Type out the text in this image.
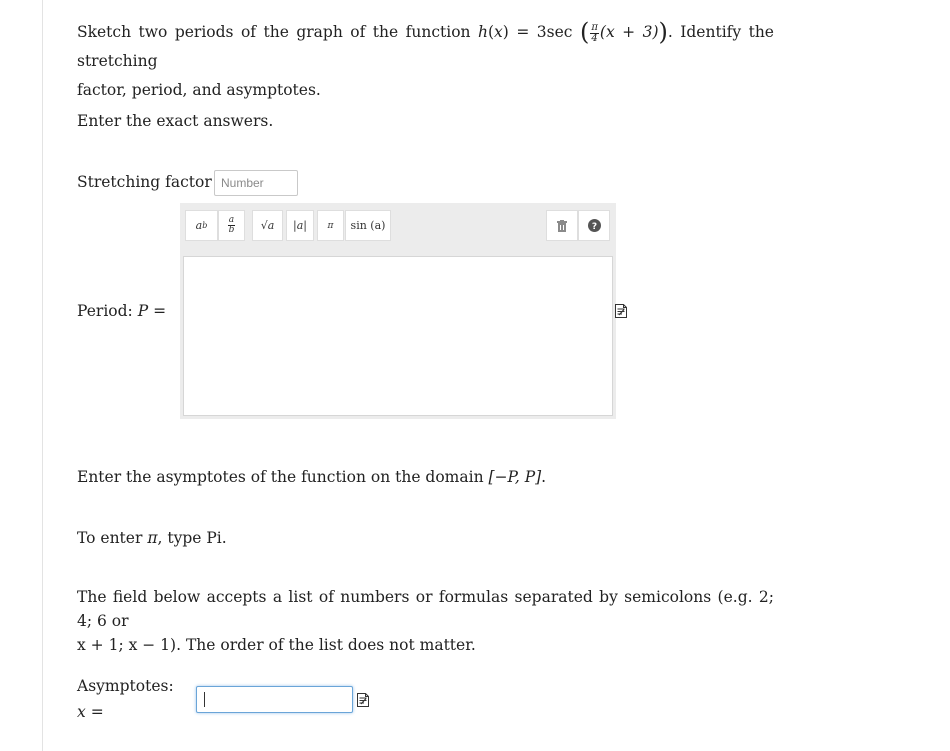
Sketch two periods of the graph of the function h(x) = 3sec ( $\frac{\pi}{4} (x + 3)$). Identify the stretching
factor, period, and asymptotes.
Enter the exact answers.
Stretching factor
Number
Period: P =
a b $\frac{a}{b} √a$ |a| π sin (a)	?
Enter the asymptotes of the function on the domain [−P, P].
To enter π, type Pi.
The field below accepts a list of numbers or formulas separated by semicolons (e.g. 2; 4; 6 or
x + 1; x − 1). The order of the list does not matter.
Asymptotes:
x =
